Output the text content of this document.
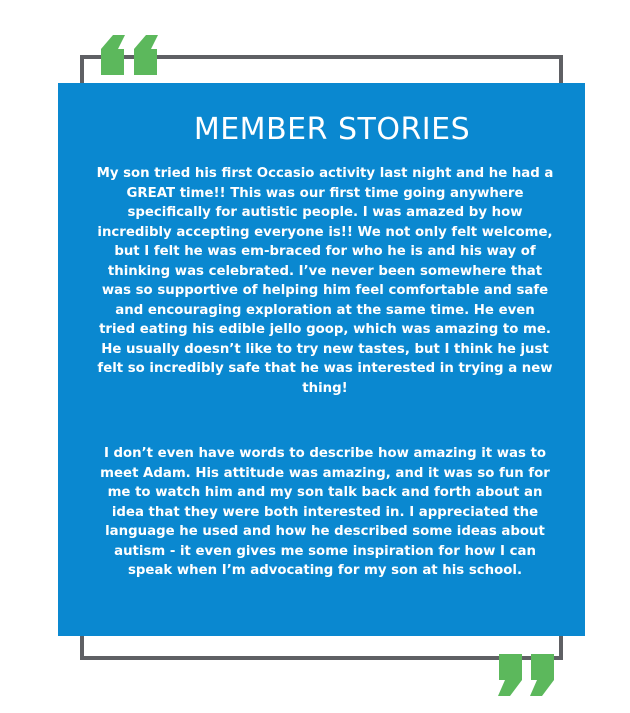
MEMBER STORIES

My son tried his first Occasio activity last night and he had a GREAT time!! This was our first time going anywhere specifically for autistic people. I was amazed by how incredibly accepting everyone is!! We not only felt welcome, but I felt he was em-braced for who he is and his way of thinking was celebrated. I’ve never been somewhere that was so supportive of helping him feel comfortable and safe and encouraging exploration at the same time. He even tried eating his edible jello goop, which was amazing to me. He usually doesn’t like to try new tastes, but I think he just felt so incredibly safe that he was interested in trying a new thing!

I don’t even have words to describe how amazing it was to meet Adam. His attitude was amazing, and it was so fun for me to watch him and my son talk back and forth about an idea that they were both interested in. I appreciated the language he used and how he described some ideas about autism - it even gives me some inspiration for how I can speak when I’m advocating for my son at his school.
